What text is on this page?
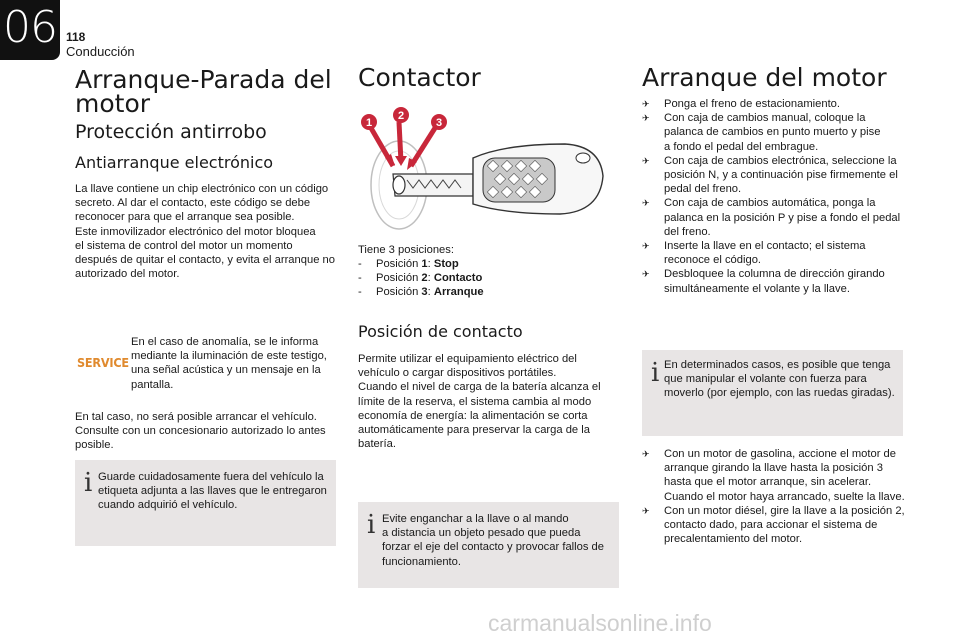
06 118
Conducción
Arranque-Parada del motor
Protección antirrobo
Antiarranque electrónico

La llave contiene un chip electrónico con un código

secreto. Al dar el contacto, este código se debe

reconocer para que el arranque sea posible.

Este inmovilizador electrónico del motor bloquea

el sistema de control del motor un momento

después de quitar el contacto, y evita el arranque no

autorizado del motor.

SERVICE

En el caso de anomalía, se le informa

mediante la iluminación de este testigo,

una señal acústica y un mensaje en la

pantalla.

En tal caso, no será posible arrancar el vehículo.

Consulte con un concesionario autorizado lo antes

posible.

i Guarde cuidadosamente fuera del vehículo la

etiqueta adjunta a las llaves que le entregaron

cuando adquirió el vehículo.

Contactor
1
2
3
Tiene 3 posiciones:
- Posición 1: Stop
- Posición 2: Contacto
- Posición 3: Arranque
Posición de contacto

Permite utilizar el equipamiento eléctrico del

vehículo o cargar dispositivos portátiles.

Cuando el nivel de carga de la batería alcanza el

límite de la reserva, el sistema cambia al modo

economía de energía: la alimentación se corta

automáticamente para preservar la carga de la

batería.

i Evite enganchar a la llave o al mando

a distancia un objeto pesado que pueda

forzar el eje del contacto y provocar fallos de

funcionamiento.

Arranque del motor
✈ Ponga el freno de estacionamiento.
✈ Con caja de cambios manual, coloque la
palanca de cambios en punto muerto y pise
a fondo el pedal del embrague.
✈ Con caja de cambios electrónica, seleccione la
posición N, y a continuación pise firmemente el
pedal del freno.
✈ Con caja de cambios automática, ponga la
palanca en la posición P y pise a fondo el pedal
del freno.
✈ Inserte la llave en el contacto; el sistema
reconoce el código.
✈ Desbloquee la columna de dirección girando
simultáneamente el volante y la llave.
i En determinados casos, es posible que tenga

que manipular el volante con fuerza para

moverlo (por ejemplo, con las ruedas giradas).

✈ Con un motor de gasolina, accione el motor de
arranque girando la llave hasta la posición 3
hasta que el motor arranque, sin acelerar.
Cuando el motor haya arrancado, suelte la llave.
✈ Con un motor diésel, gire la llave a la posición 2,
contacto dado, para accionar el sistema de
precalentamiento del motor.
carmanualsonline.info
